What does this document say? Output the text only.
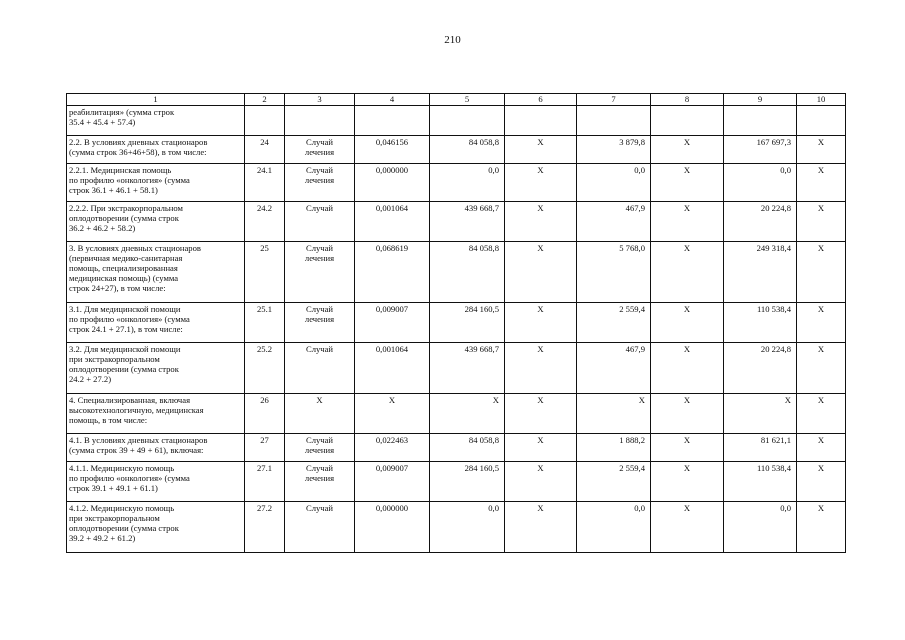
210
1	2	3	4	5	6	7	8	9	10
реабилитация» (сумма строк
35.4 + 45.4 + 57.4)									
2.2. В условиях дневных стационаров
(сумма строк 36+46+58), в том числе:	24	Случай
лечения	0,046156	84 058,8	X	3 879,8	X	167 697,3	X
2.2.1. Медицинская помощь
по профилю «онкология» (сумма
строк 36.1 + 46.1 + 58.1)	24.1	Случай
лечения	0,000000	0,0	X	0,0	X	0,0	X
2.2.2. При экстракорпоральном
оплодотворении (сумма строк
36.2 + 46.2 + 58.2)	24.2	Случай	0,001064	439 668,7	X	467,9	X	20 224,8	X
3. В условиях дневных стационаров
(первичная медико-санитарная
помощь, специализированная
медицинская помощь) (сумма
строк 24+27), в том числе:	25	Случай
лечения	0,068619	84 058,8	X	5 768,0	X	249 318,4	X
3.1. Для медицинской помощи
по профилю «онкология» (сумма
строк 24.1 + 27.1), в том числе:	25.1	Случай
лечения	0,009007	284 160,5	X	2 559,4	X	110 538,4	X
3.2. Для медицинской помощи
при экстракорпоральном
оплодотворении (сумма строк
24.2 + 27.2)	25.2	Случай	0,001064	439 668,7	X	467,9	X	20 224,8	X
4. Специализированная, включая
высокотехнологичную, медицинская
помощь, в том числе:	26	X	X	X	X	X	X	X	X
4.1. В условиях дневных стационаров
(сумма строк 39 + 49 + 61), включая:	27	Случай
лечения	0,022463	84 058,8	X	1 888,2	X	81 621,1	X
4.1.1. Медицинскую помощь
по профилю «онкология» (сумма
строк 39.1 + 49.1 + 61.1)	27.1	Случай
лечения	0,009007	284 160,5	X	2 559,4	X	110 538,4	X
4.1.2. Медицинскую помощь
при экстракорпоральном
оплодотворении (сумма строк
39.2 + 49.2 + 61.2)	27.2	Случай	0,000000	0,0	X	0,0	X	0,0	X
